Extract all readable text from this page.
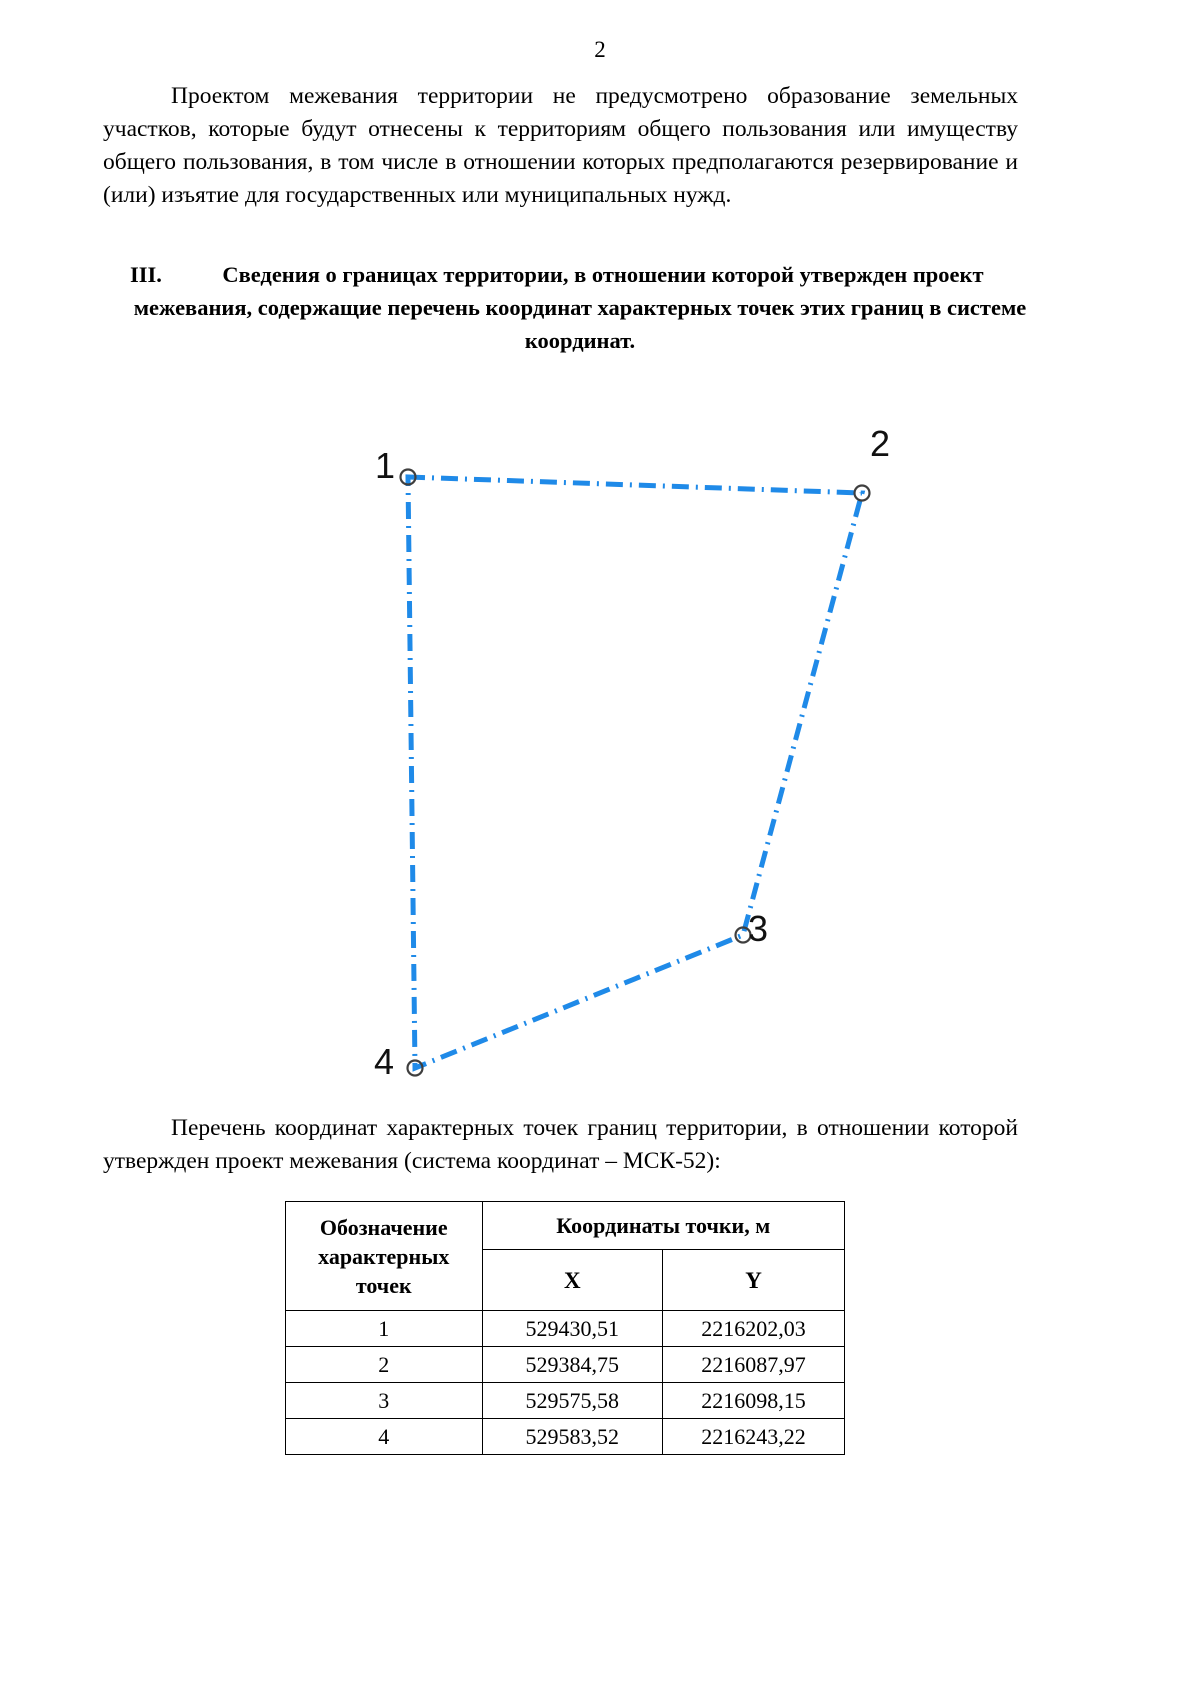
2
Проектом межевания территории не предусмотрено образование земельных участков, которые будут отнесены к территориям общего пользования или имуществу общего пользования, в том числе в отношении которых предполагаются резервирование и (или) изъятие для государственных или муниципальных нужд.
III.	Сведения о границах территории, в отношении которой утвержден проект межевания, содержащие перечень координат характерных точек этих границ в системе координат.
1
2
3
4
Перечень координат характерных точек границ территории, в отношении которой утвержден проект межевания (система координат – МСК-52):
Обозначение характерных точек	Координаты точки, м	
	X	Y
1	529430,51	2216202,03
2	529384,75	2216087,97
3	529575,58	2216098,15
4	529583,52	2216243,22
